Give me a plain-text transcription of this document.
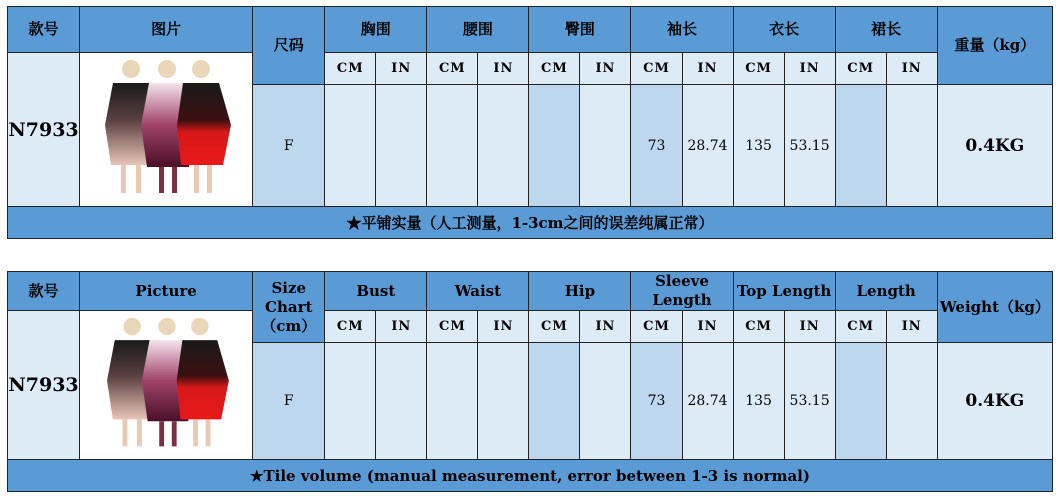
款号	图片	尺码	胸围		腰围		臀围		袖长		衣长		裙长		重量（kg）
N7933			CM	IN	CM	IN	CM	IN	CM	IN	CM	IN	CM	IN	
		F							73	28.74	135	53.15			0.4KG
★平铺实量（人工测量，1-3cm之间的误差纯属正常）															
款号	Picture	Size Chart（cm）	Bust		Waist		Hip		Sleeve Length		Top Length		Length		Weight（kg）
N7933			CM	IN	CM	IN	CM	IN	CM	IN	CM	IN	CM	IN	
		F							73	28.74	135	53.15			0.4KG
★Tile volume (manual measurement, error between 1-3 is normal)															
